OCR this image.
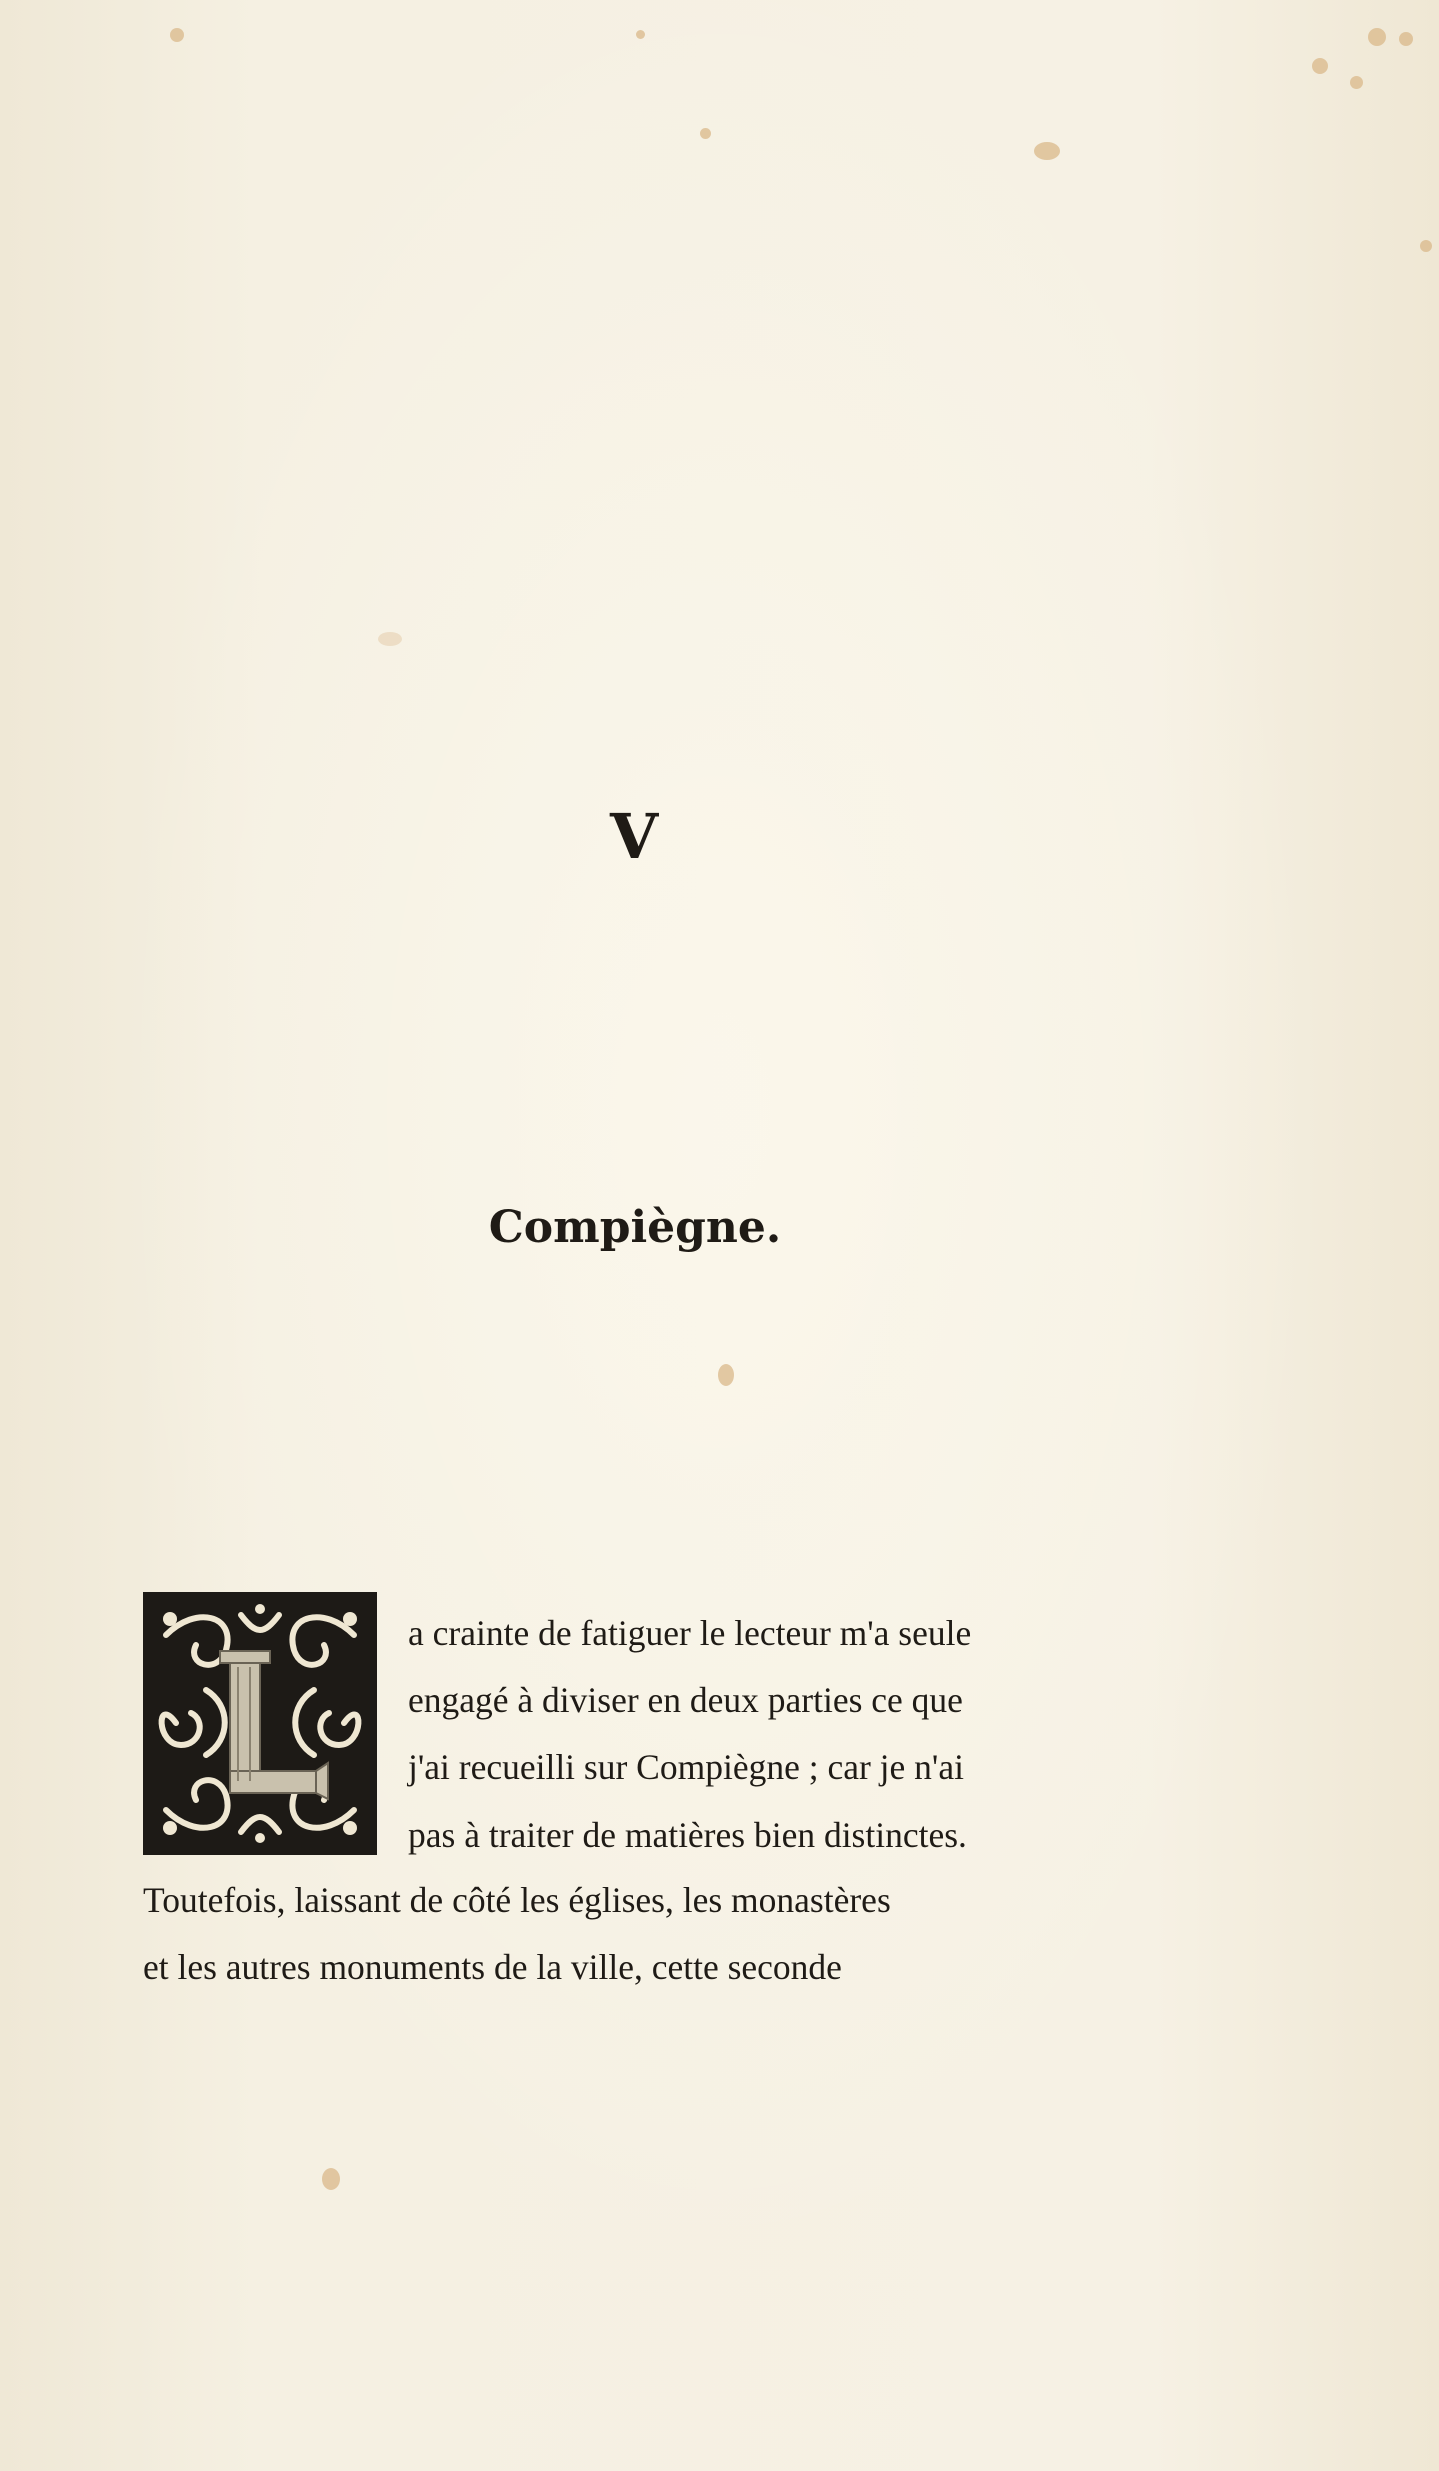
V
Compiègne.
a crainte de fatiguer le lecteur m'a seule
engagé à diviser en deux parties ce que
j'ai recueilli sur Compiègne ; car je n'ai
pas à traiter de matières bien distinctes.
Toutefois, laissant de côté les églises, les monastères
et les autres monuments de la ville, cette seconde
